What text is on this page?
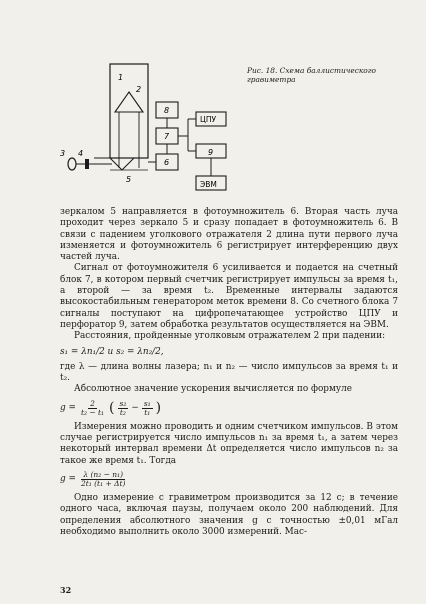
1
2
3 4
5
6
7
8
9
ЦПУ
ЭВМ
Рис. 18. Схема баллистического гравиметра

зеркалом 5 направляется в фотоумножитель 6. Вторая часть луча проходит через зеркало 5 и сразу попадает в фотоумножитель 6. В связи с падением уголкового отражателя 2 длина пути первого луча изменяется и фотоумножитель 6 регистрирует интерференцию двух частей луча.

Сигнал от фотоумножителя 6 усиливается и подается на счетный блок 7, в котором первый счетчик регистрирует импульсы за время t₁, а второй — за время t₂. Временные интервалы задаются высокостабильным генератором меток времени 8. Со счетного блока 7 сигналы поступают на цифропечатающее устройство ЦПУ и перфоратор 9, затем обработка результатов осуществляется на ЭВМ.

Расстояния, пройденные уголковым отражателем 2 при падении:

s₁ = λn₁/2 и s₂ = λn₂/2,

где λ — длина волны лазера; n₁ и n₂ — число импульсов за время t₁ и t₂.

Абсолютное значение ускорения вычисляется по формуле

$g = \frac{2}{\text{t₂ − t₁}}$ ( $\frac{\text{s₂}}{\text{t₂}} - \frac{\text{s₁}}{\text{t₁}}$ )

Измерения можно проводить и одним счетчиком импульсов. В этом случае регистрируется число импульсов n₁ за время t₁, а затем через некоторый интервал времени Δt определяется число импульсов n₂ за такое же время t₁. Тогда

$g = \frac{\text{λ (n₂ − n₁)}}{\text{2t₁ (t₁ + Δt)}}$

Одно измерение с гравиметром производится за 12 с; в течение одного часа, включая паузы, получаем около 200 наблюдений. Для определения абсолютного значения g с точностью ±0,01 мГал необходимо выполнить около 3000 измерений. Мас-

32
